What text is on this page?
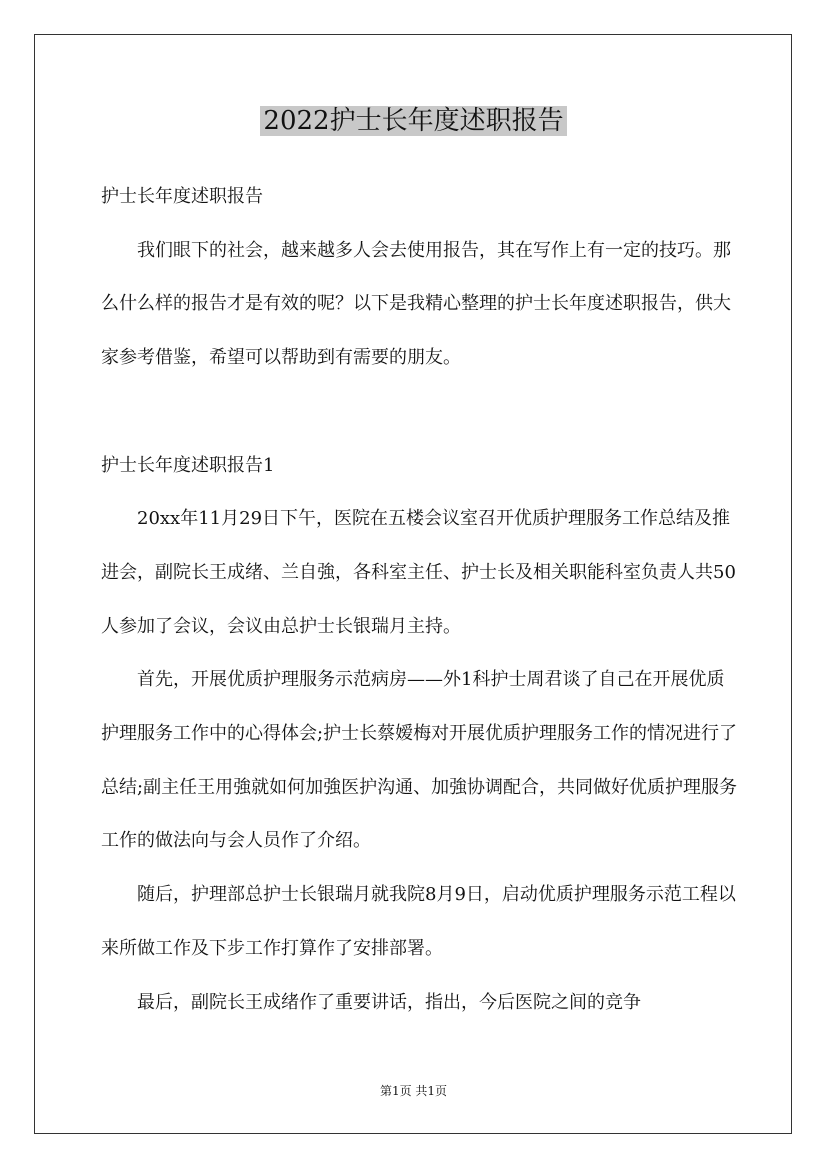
2022护士长年度述职报告

护士长年度述职报告

我们眼下的社会，越来越多人会去使用报告，其在写作上有一定的技巧。那么什么样的报告才是有效的呢？以下是我精心整理的护士长年度述职报告，供大家参考借鉴，希望可以帮助到有需要的朋友。

护士长年度述职报告1

20xx年11月29日下午，医院在五楼会议室召开优质护理服务工作总结及推进会，副院长王成绪、兰自強，各科室主任、护士长及相关职能科室负责人共50人参加了会议，会议由总护士长银瑞月主持。

首先，开展优质护理服务示范病房——外1科护士周君谈了自己在开展优质护理服务工作中的心得体会;护士长蔡嫒梅对开展优质护理服务工作的情况进行了总结;副主任王用強就如何加強医护沟通、加強协调配合，共同做好优质护理服务工作的做法向与会人员作了介绍。

随后，护理部总护士长银瑞月就我院8月9日，启动优质护理服务示范工程以来所做工作及下步工作打算作了安排部署。

最后，副院长王成绪作了重要讲话，指出，今后医院之间的竞争

第1页 共1页
